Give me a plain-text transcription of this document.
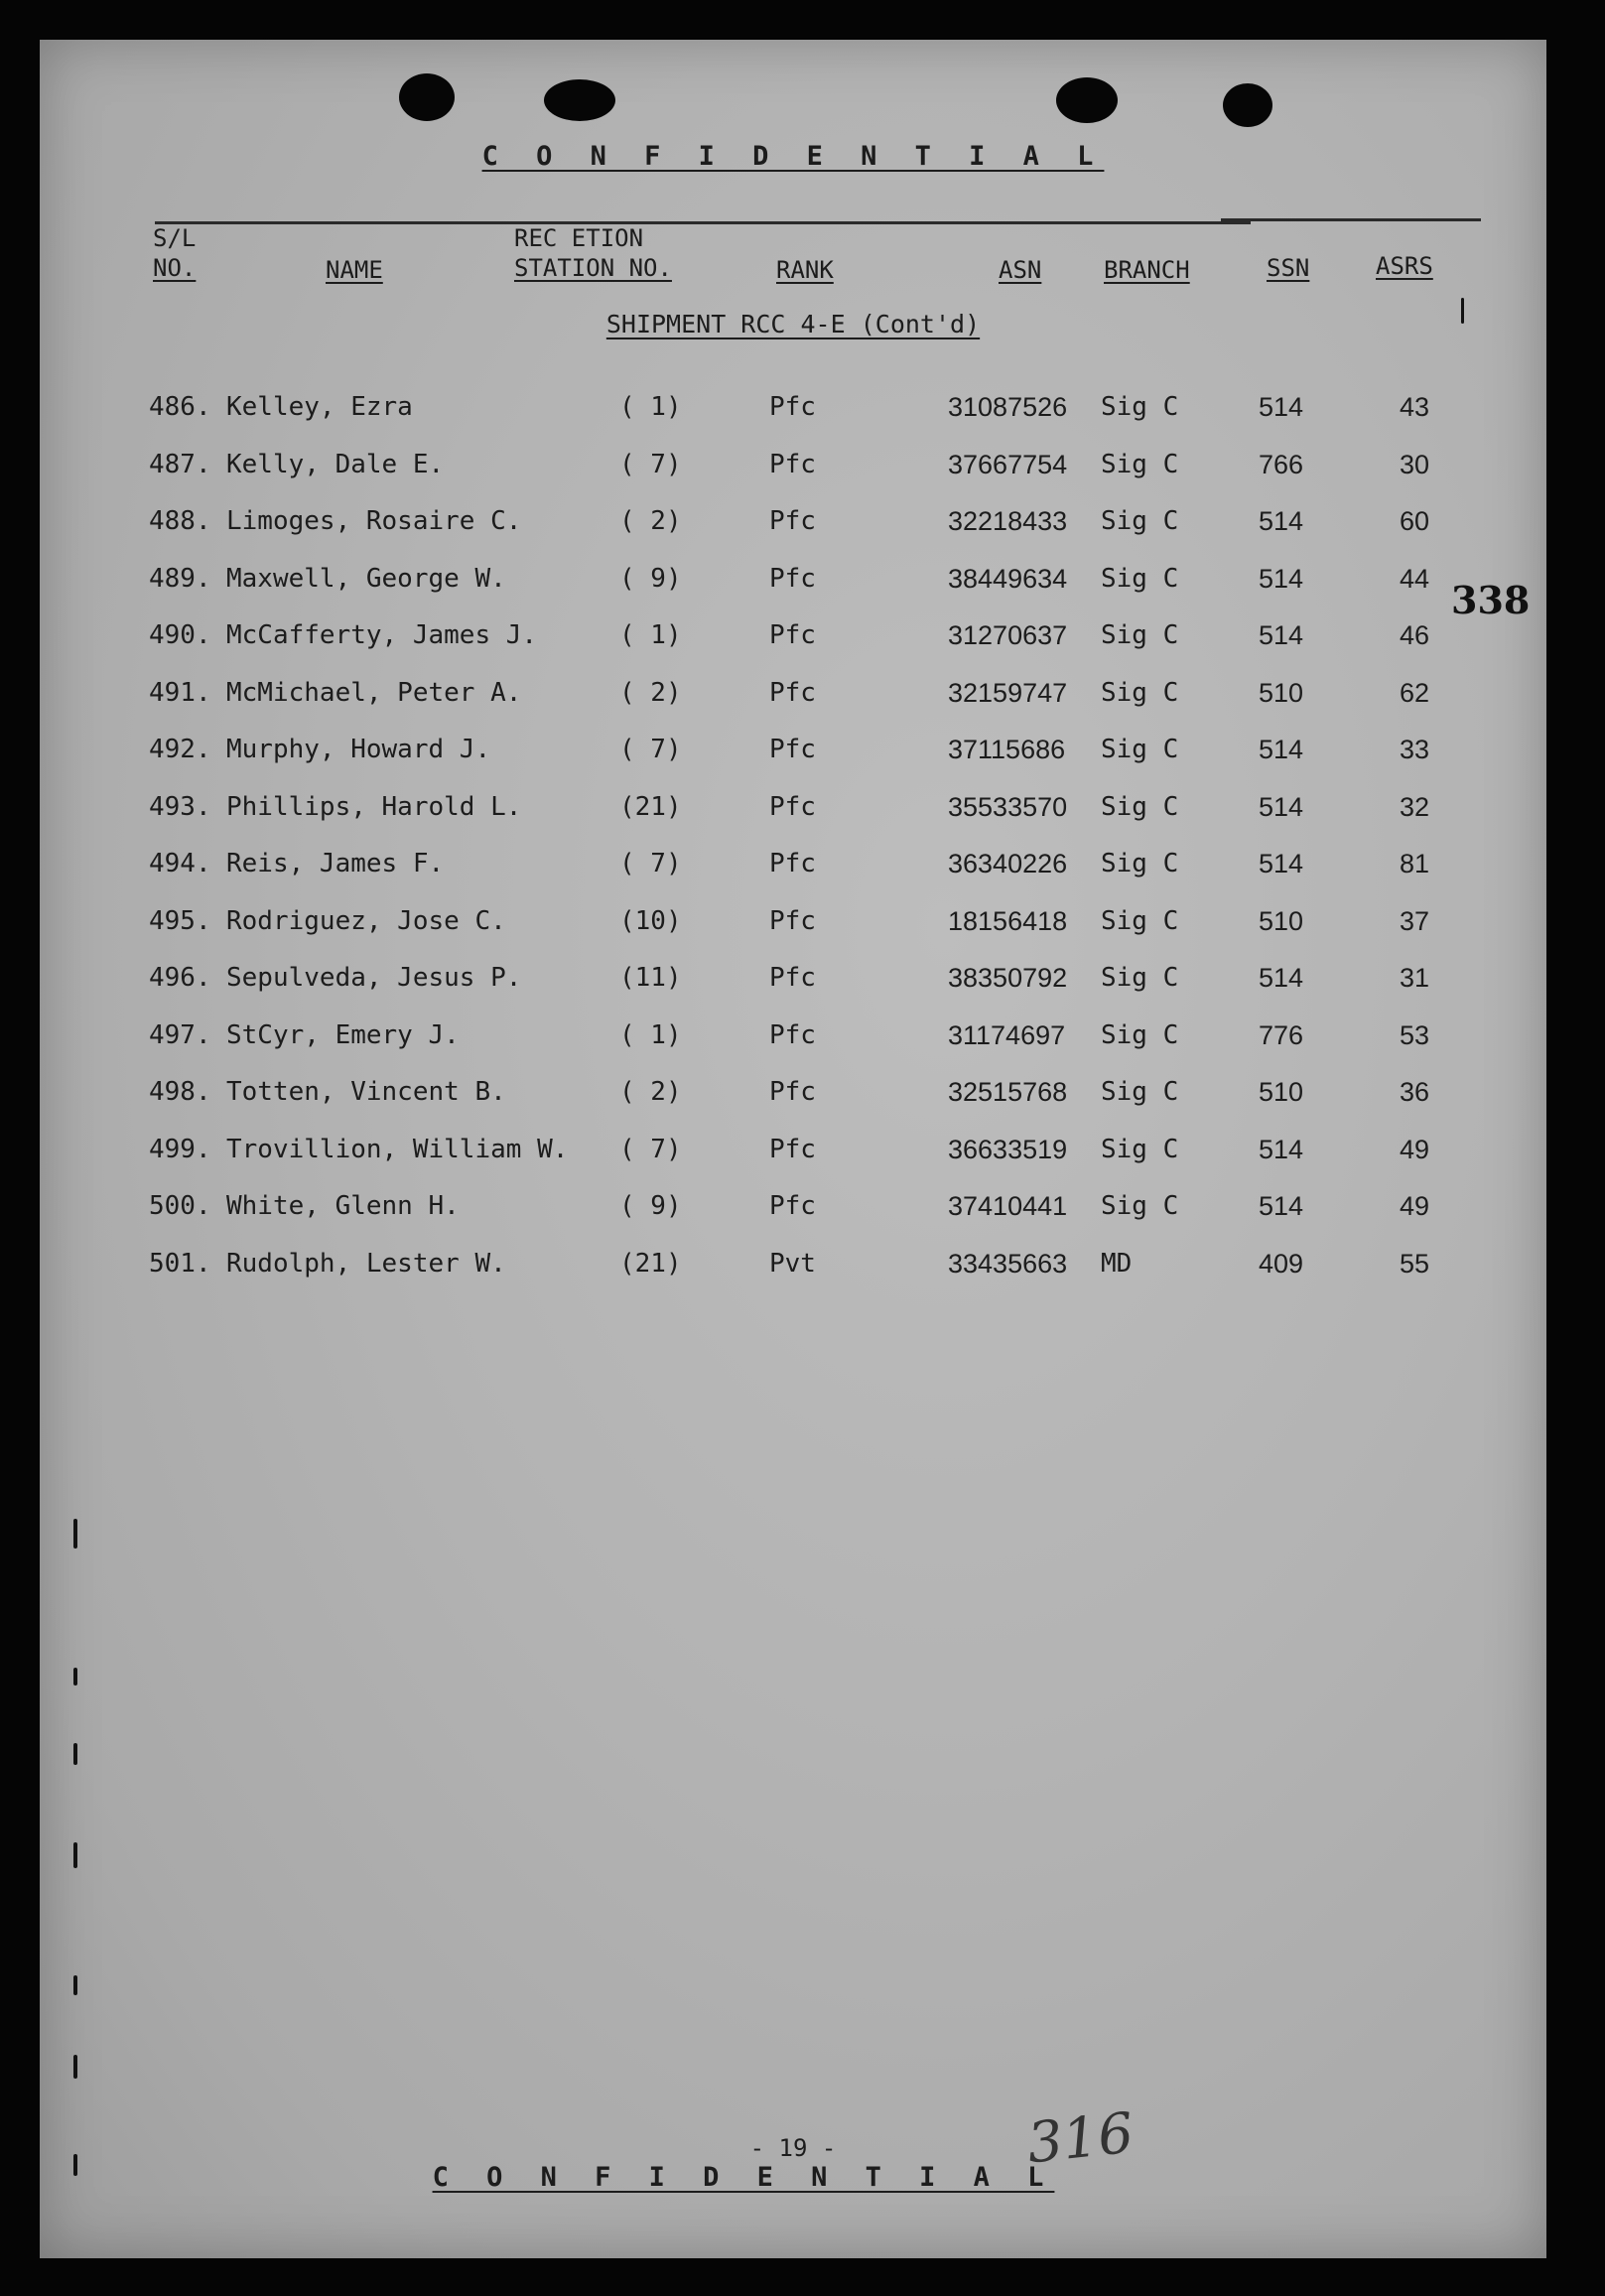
C O N F I D E N T I A L
S/L
NO.	NAME
REC ETION
STATION NO.	RANK	ASN	BRANCH	SSN	ASRS
SHIPMENT RCC 4-E (Cont'd)
486. Kelley, Ezra	( 1)	Pfc	31087526 Sig C	514	43
487. Kelly, Dale E.	( 7)	Pfc	37667754 Sig C	766	30
488. Limoges, Rosaire C.	( 2)	Pfc	32218433 Sig C	514	60
489. Maxwell, George W.	( 9)	Pfc	38449634 Sig C	514	44
490. McCafferty, James J.	( 1)	Pfc	31270637 Sig C	514	46
491. McMichael, Peter A.	( 2)	Pfc	32159747 Sig C	510	62
492. Murphy, Howard J.	( 7)	Pfc	37115686 Sig C	514	33
493. Phillips, Harold L.	(21)	Pfc	35533570 Sig C	514	32
494. Reis, James F.	( 7)	Pfc	36340226 Sig C	514	81
495. Rodriguez, Jose C.	(10)	Pfc	18156418 Sig C	510	37
496. Sepulveda, Jesus P.	(11)	Pfc	38350792 Sig C	514	31
497. StCyr, Emery J.	( 1)	Pfc	31174697 Sig C	776	53
498. Totten, Vincent B.	( 2)	Pfc	32515768 Sig C	510	36
499. Trovillion, William W. ( 7)	Pfc	36633519 Sig C	514	49
500. White, Glenn H.	( 9)	Pfc	37410441 Sig C	514	49
501. Rudolph, Lester W.	(21)	Pvt	33435663 MD	409	55
338
- 19 -
C O N F I D E N T I A L
316
